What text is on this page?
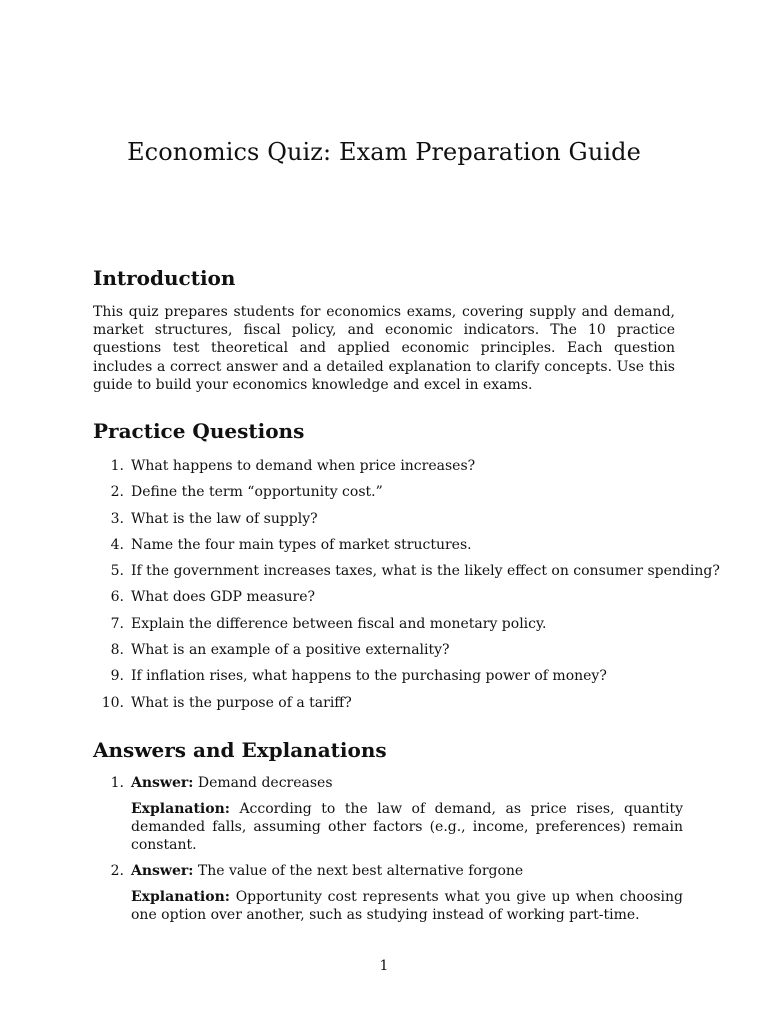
Economics Quiz: Exam Preparation Guide
Introduction

This quiz prepares students for economics exams, covering supply and demand, market structures, fiscal policy, and economic indicators. The 10 practice questions test theoretical and applied economic principles. Each question includes a correct answer and a detailed explanation to clarify concepts. Use this guide to build your economics knowledge and excel in exams.

Practice Questions
1. What happens to demand when price increases?
2. Define the term “opportunity cost.”
3. What is the law of supply?
4. Name the four main types of market structures.
5. If the government increases taxes, what is the likely effect on consumer spending?
6. What does GDP measure?
7. Explain the difference between fiscal and monetary policy.
8. What is an example of a positive externality?
9. If inflation rises, what happens to the purchasing power of money?
10. What is the purpose of a tariff?
Answers and Explanations
1. Answer: Demand decreases

Explanation: According to the law of demand, as price rises, quantity demanded falls, assuming other factors (e.g., income, preferences) remain constant.

2. Answer: The value of the next best alternative forgone

Explanation: Opportunity cost represents what you give up when choosing one option over another, such as studying instead of working part-time.

1
